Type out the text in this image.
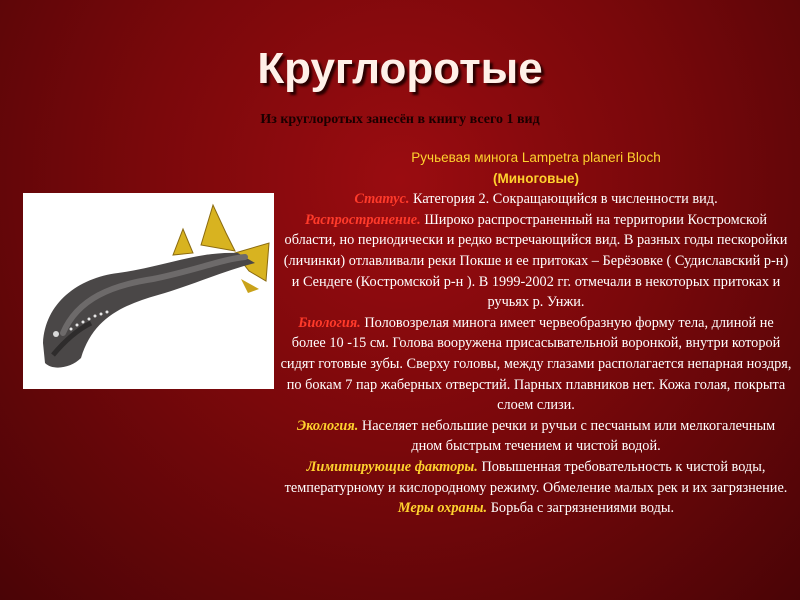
Круглоротые
Из круглоротых занесён в книгу всего 1 вид

Ручьевая минога Lampetra planeri Bloch
(Миноговые)

Статус. Категория 2. Сокращающийся в численности вид.

Распространение. Широко распространенный на территории Костромской области, но периодически и редко встречающийся вид. В разных годы пескоройки (личинки) отлавливали реки Покше и ее притоках – Берёзовке ( Судиславский р-н) и Сендеге (Костромской р-н ). В 1999-2002 гг. отмечали в некоторых притоках и ручьях р. Унжи.

Биология. Половозрелая минога имеет червеобразную форму тела, длиной не более 10 -15 см. Голова вооружена присасывательной воронкой, внутри которой сидят готовые зубы. Сверху головы, между глазами располагается непарная ноздря, по бокам 7 пар жаберных отверстий. Парных плавников нет. Кожа голая, покрыта слоем слизи.

Экология. Населяет небольшие речки и ручьи с песчаным или мелкогалечным дном быстрым течением и чистой водой.

Лимитирующие факторы. Повышенная требовательность к чистой воды, температурному и кислородному режиму. Обмеление малых рек и их загрязнение.

Меры охраны. Борьба с загрязнениями воды.
